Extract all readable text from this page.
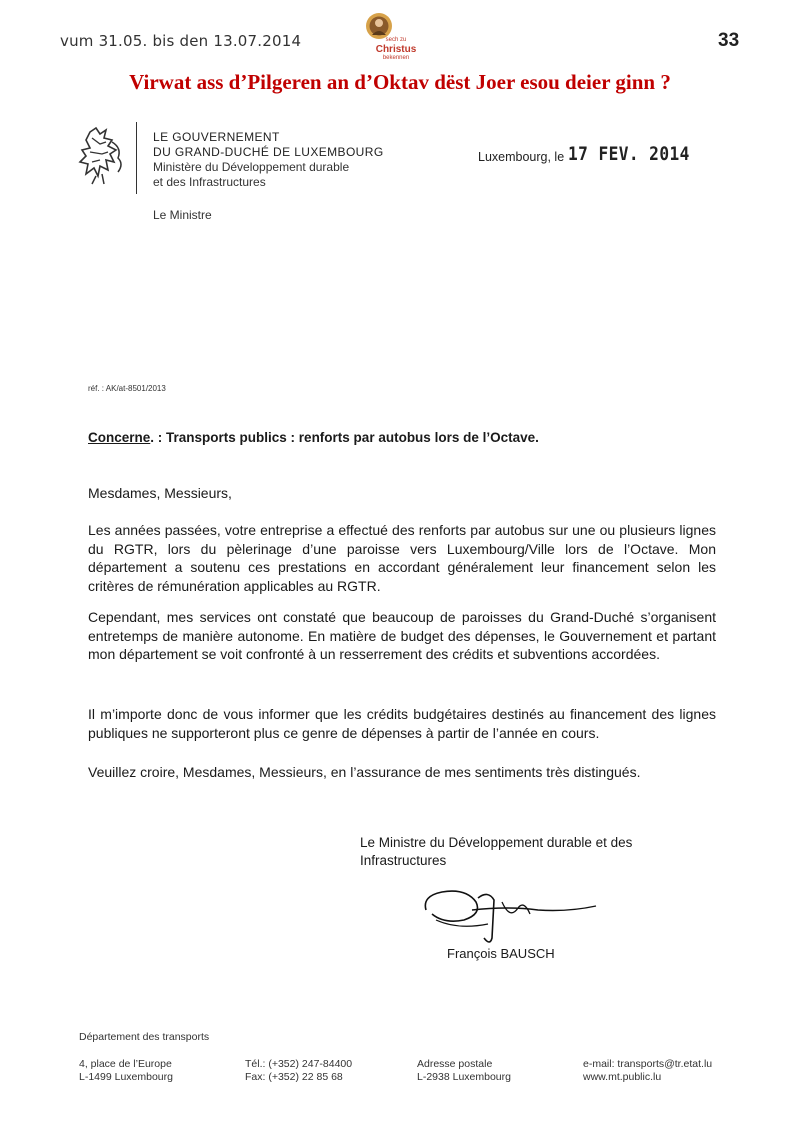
vum 31.05. bis den 13.07.2014	33
sech zu
Christus
bekennen
Virwat ass d’Pilgeren an d’Oktav dëst Joer esou deier ginn ?
LE GOUVERNEMENT
DU GRAND-DUCHÉ DE LUXEMBOURG
Ministère du Développement durable
et des Infrastructures
Le Ministre
Luxembourg, le 17 FEV. 2014
réf. : AK/at-8501/2013
Concerne. : Transports publics : renforts par autobus lors de l’Octave.
Mesdames, Messieurs,
Les années passées, votre entreprise a effectué des renforts par autobus sur une ou plusieurs lignes du RGTR, lors du pèlerinage d’une paroisse vers Luxembourg/Ville lors de l’Octave. Mon département a soutenu ces prestations en accordant généralement leur financement selon les critères de rémunération applicables au RGTR.
Cependant, mes services ont constaté que beaucoup de paroisses du Grand-Duché s’organisent entretemps de manière autonome. En matière de budget des dépenses, le Gouvernement et partant mon département se voit confronté à un resserrement des crédits et subventions accordées.
Il m’importe donc de vous informer que les crédits budgétaires destinés au financement des lignes publiques ne supporteront plus ce genre de dépenses à partir de l’année en cours.
Veuillez croire, Mesdames, Messieurs, en l’assurance de mes sentiments très distingués.
Le Ministre du Développement durable et des
Infrastructures
François BAUSCH
Département des transports
4, place de l’Europe
L-1499 Luxembourg
Tél.: (+352) 247-84400
Fax: (+352) 22 85 68
Adresse postale
L-2938 Luxembourg
e-mail: transports@tr.etat.lu
www.mt.public.lu
